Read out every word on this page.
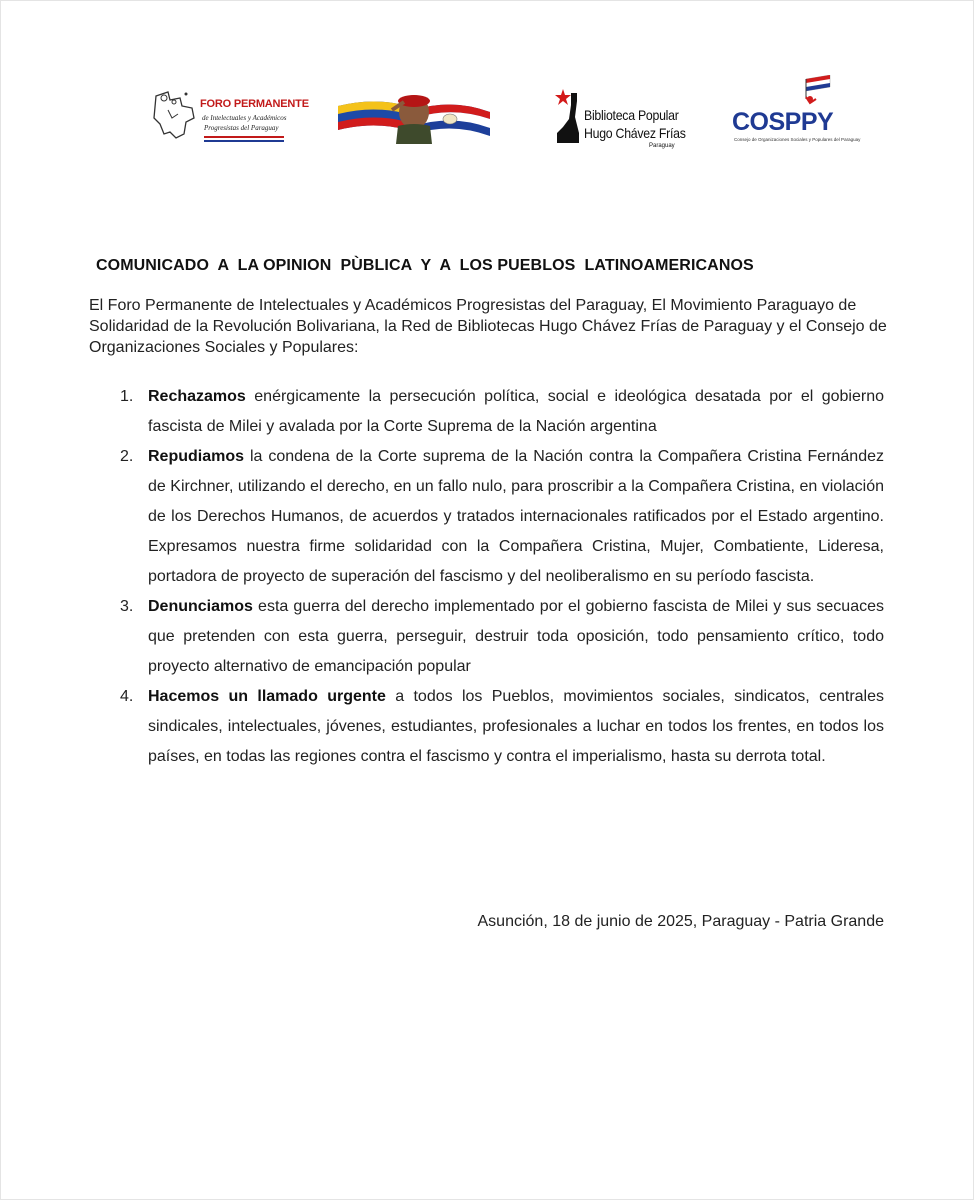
FORO PERMANENTE
de Intelectuales y Académicos
Progresistas del Paraguay
Biblioteca Popular
Hugo Chávez Frías
Paraguay
COSPPY
Consejo de Organizaciones Sociales y Populares del Paraguay
COMUNICADO  A  LA OPINION  PÙBLICA  Y  A  LOS PUEBLOS  LATINOAMERICANOS
El Foro Permanente de Intelectuales y Académicos Progresistas del Paraguay, El Movimiento Paraguayo de Solidaridad de la Revolución Bolivariana, la Red de Bibliotecas Hugo Chávez Frías de Paraguay y el Consejo de Organizaciones Sociales y Populares:
1. Rechazamos enérgicamente la persecución política, social e ideológica desatada por el gobierno fascista de Milei y avalada por la Corte Suprema de la Nación argentina
2. Repudiamos la condena de la Corte suprema de la Nación contra la Compañera Cristina Fernández de Kirchner, utilizando el derecho, en un fallo nulo, para proscribir a la Compañera Cristina, en violación de los Derechos Humanos, de acuerdos y tratados internacionales ratificados por el Estado argentino. Expresamos nuestra firme solidaridad con la Compañera Cristina, Mujer, Combatiente, Lideresa, portadora de proyecto de superación del fascismo y del neoliberalismo en su período fascista.
3. Denunciamos esta guerra del derecho implementado por el gobierno fascista de Milei y sus secuaces que pretenden con esta guerra, perseguir, destruir toda oposición, todo pensamiento crítico, todo proyecto alternativo de emancipación popular
4. Hacemos un llamado urgente a todos los Pueblos, movimientos sociales, sindicatos, centrales sindicales, intelectuales, jóvenes, estudiantes, profesionales a luchar en todos los frentes, en todos los países, en todas las regiones contra el fascismo y contra el imperialismo, hasta su derrota total.
Asunción, 18 de junio de 2025, Paraguay - Patria Grande
